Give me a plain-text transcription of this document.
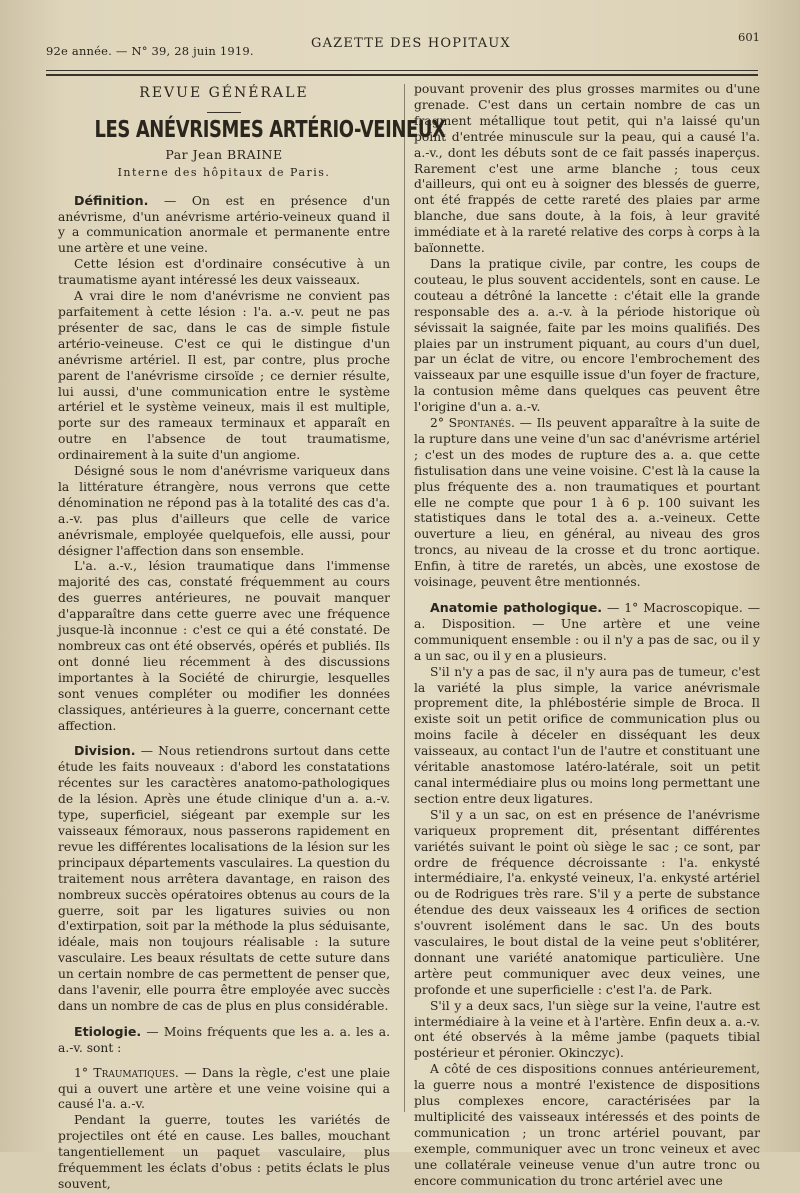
92e année. — N° 39, 28 juin 1919.	GAZETTE DES HOPITAUX	601
REVUE GÉNÉRALE
LES ANÉVRISMES ARTÉRIO-VEINEUX
Par Jean BRAINE
Interne des hôpitaux de Paris.

Définition. — On est en présence d'un anévrisme, d'un anévrisme artério-veineux quand il y a communication anormale et permanente entre une artère et une veine.

Cette lésion est d'ordinaire consécutive à un traumatisme ayant intéressé les deux vaisseaux.

A vrai dire le nom d'anévrisme ne convient pas parfaitement à cette lésion : l'a. a.-v. peut ne pas présenter de sac, dans le cas de simple fistule artério-veineuse. C'est ce qui le distingue d'un anévrisme artériel. Il est, par contre, plus proche parent de l'anévrisme cirsoïde ; ce dernier résulte, lui aussi, d'une communication entre le système artériel et le système veineux, mais il est multiple, porte sur des rameaux terminaux et apparaît en outre en l'absence de tout traumatisme, ordinairement à la suite d'un angiome.

Désigné sous le nom d'anévrisme variqueux dans la littérature étrangère, nous verrons que cette dénomination ne répond pas à la totalité des cas d'a. a.-v. pas plus d'ailleurs que celle de varice anévrismale, employée quelquefois, elle aussi, pour désigner l'affection dans son ensemble.

L'a. a.-v., lésion traumatique dans l'immense majorité des cas, constaté fréquemment au cours des guerres antérieures, ne pouvait manquer d'apparaître dans cette guerre avec une fréquence jusque-là inconnue : c'est ce qui a été constaté. De nombreux cas ont été observés, opérés et publiés. Ils ont donné lieu récemment à des discussions importantes à la Société de chirurgie, lesquelles sont venues compléter ou modifier les données classiques, antérieures à la guerre, concernant cette affection.

Division. — Nous retiendrons surtout dans cette étude les faits nouveaux : d'abord les constatations récentes sur les caractères anatomo-pathologiques de la lésion. Après une étude clinique d'un a. a.-v. type, superficiel, siégeant par exemple sur les vaisseaux fémoraux, nous passerons rapidement en revue les différentes localisations de la lésion sur les principaux départements vasculaires. La question du traitement nous arrêtera davantage, en raison des nombreux succès opératoires obtenus au cours de la guerre, soit par les ligatures suivies ou non d'extirpation, soit par la méthode la plus séduisante, idéale, mais non toujours réalisable : la suture vasculaire. Les beaux résultats de cette suture dans un certain nombre de cas permettent de penser que, dans l'avenir, elle pourra être employée avec succès dans un nombre de cas de plus en plus considérable.

Etiologie. — Moins fréquents que les a. a. les a. a.-v. sont :

1° Traumatiques. — Dans la règle, c'est une plaie qui a ouvert une artère et une veine voisine qui a causé l'a. a.-v.

Pendant la guerre, toutes les variétés de projectiles ont été en cause. Les balles, mouchant tangentiellement un paquet vasculaire, plus fréquemment les éclats d'obus : petits éclats le plus souvent,

pouvant provenir des plus grosses marmites ou d'une grenade. C'est dans un certain nombre de cas un fragment métallique tout petit, qui n'a laissé qu'un point d'entrée minuscule sur la peau, qui a causé l'a. a.-v., dont les débuts sont de ce fait passés inaperçus. Rarement c'est une arme blanche ; tous ceux d'ailleurs, qui ont eu à soigner des blessés de guerre, ont été frappés de cette rareté des plaies par arme blanche, due sans doute, à la fois, à leur gravité immédiate et à la rareté relative des corps à corps à la baïonnette.

Dans la pratique civile, par contre, les coups de couteau, le plus souvent accidentels, sont en cause. Le couteau a détrôné la lancette : c'était elle la grande responsable des a. a.-v. à la période historique où sévissait la saignée, faite par les moins qualifiés. Des plaies par un instrument piquant, au cours d'un duel, par un éclat de vitre, ou encore l'embrochement des vaisseaux par une esquille issue d'un foyer de fracture, la contusion même dans quelques cas peuvent être l'origine d'un a. a.-v.

2° Spontanés. — Ils peuvent apparaître à la suite de la rupture dans une veine d'un sac d'anévrisme artériel ; c'est un des modes de rupture des a. a. que cette fistulisation dans une veine voisine. C'est là la cause la plus fréquente des a. non traumatiques et pourtant elle ne compte que pour 1 à 6 p. 100 suivant les statistiques dans le total des a. a.-veineux. Cette ouverture a lieu, en général, au niveau des gros troncs, au niveau de la crosse et du tronc aortique. Enfin, à titre de raretés, un abcès, une exostose de voisinage, peuvent être mentionnés.

Anatomie pathologique. — 1° Macroscopique. — a. Disposition. — Une artère et une veine communiquent ensemble : ou il n'y a pas de sac, ou il y a un sac, ou il y en a plusieurs.

S'il n'y a pas de sac, il n'y aura pas de tumeur, c'est la variété la plus simple, la varice anévrismale proprement dite, la phlébostérie simple de Broca. Il existe soit un petit orifice de communication plus ou moins facile à déceler en disséquant les deux vaisseaux, au contact l'un de l'autre et constituant une véritable anastomose latéro-latérale, soit un petit canal intermédiaire plus ou moins long permettant une section entre deux ligatures.

S'il y a un sac, on est en présence de l'anévrisme variqueux proprement dit, présentant différentes variétés suivant le point où siège le sac ; ce sont, par ordre de fréquence décroissante : l'a. enkysté intermédiaire, l'a. enkysté veineux, l'a. enkysté artériel ou de Rodrigues très rare. S'il y a perte de substance étendue des deux vaisseaux les 4 orifices de section s'ouvrent isolément dans le sac. Un des bouts vasculaires, le bout distal de la veine peut s'oblitérer, donnant une variété anatomique particulière. Une artère peut communiquer avec deux veines, une profonde et une superficielle : c'est l'a. de Park.

S'il y a deux sacs, l'un siège sur la veine, l'autre est intermédiaire à la veine et à l'artère. Enfin deux a. a.-v. ont été observés à la même jambe (paquets tibial postérieur et péronier. Okinczyc).

A côté de ces dispositions connues antérieurement, la guerre nous a montré l'existence de dispositions plus complexes encore, caractérisées par la multiplicité des vaisseaux intéressés et des points de communication ; un tronc artériel pouvant, par exemple, communiquer avec un tronc veineux et avec une collatérale veineuse venue d'un autre tronc ou encore communication du tronc artériel avec une
